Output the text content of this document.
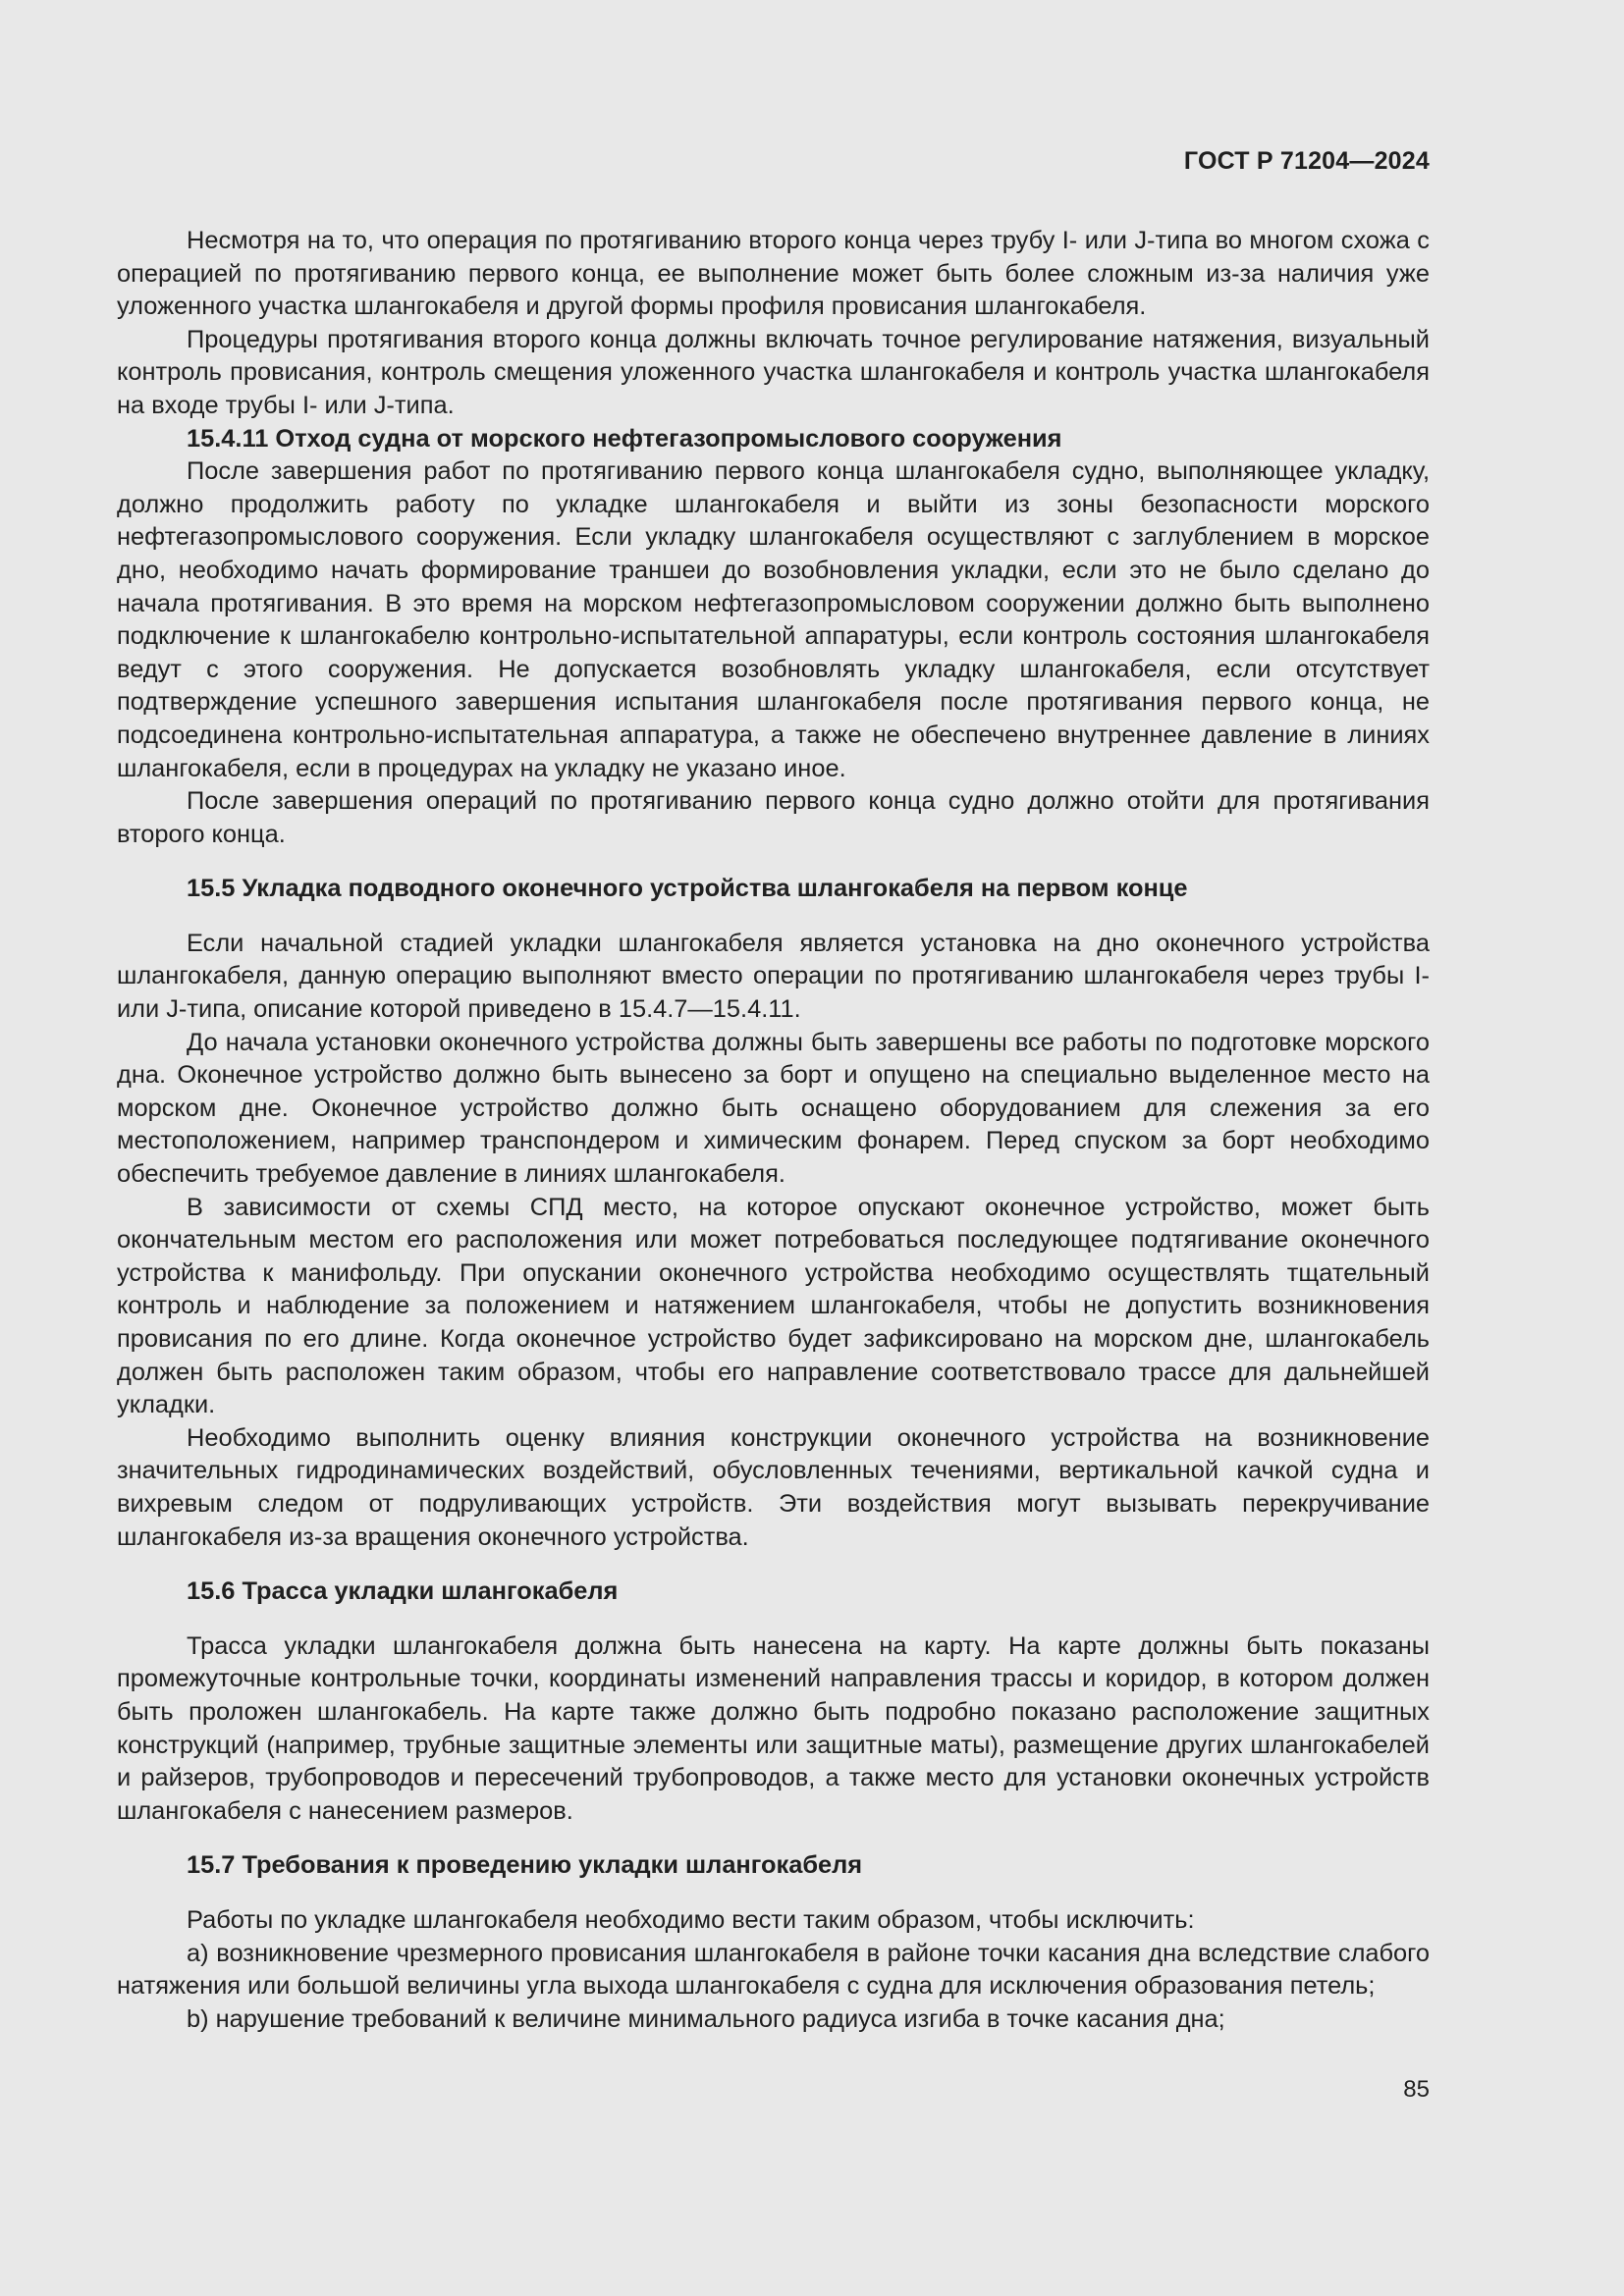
ГОСТ Р 71204—2024

Несмотря на то, что операция по протягиванию второго конца через трубу I- или J-типа во многом схожа с операцией по протягиванию первого конца, ее выполнение может быть более сложным из-за наличия уже уложенного участка шлангокабеля и другой формы профиля провисания шлангокабеля.

Процедуры протягивания второго конца должны включать точное регулирование натяжения, визуальный контроль провисания, контроль смещения уложенного участка шлангокабеля и контроль участка шлангокабеля на входе трубы I- или J-типа.

15.4.11 Отход судна от морского нефтегазопромыслового сооружения

После завершения работ по протягиванию первого конца шлангокабеля судно, выполняющее укладку, должно продолжить работу по укладке шлангокабеля и выйти из зоны безопасности морского нефтегазопромыслового сооружения. Если укладку шлангокабеля осуществляют с заглублением в морское дно, необходимо начать формирование траншеи до возобновления укладки, если это не было сделано до начала протягивания. В это время на морском нефтегазопромысловом сооружении должно быть выполнено подключение к шлангокабелю контрольно-испытательной аппаратуры, если контроль состояния шлангокабеля ведут с этого сооружения. Не допускается возобновлять укладку шлангокабеля, если отсутствует подтверждение успешного завершения испытания шлангокабеля после протягивания первого конца, не подсоединена контрольно-испытательная аппаратура, а также не обеспечено внутреннее давление в линиях шлангокабеля, если в процедурах на укладку не указано иное.

После завершения операций по протягиванию первого конца судно должно отойти для протягивания второго конца.

15.5 Укладка подводного оконечного устройства шлангокабеля на первом конце

Если начальной стадией укладки шлангокабеля является установка на дно оконечного устройства шлангокабеля, данную операцию выполняют вместо операции по протягиванию шлангокабеля через трубы I- или J-типа, описание которой приведено в 15.4.7—15.4.11.

До начала установки оконечного устройства должны быть завершены все работы по подготовке морского дна. Оконечное устройство должно быть вынесено за борт и опущено на специально выделенное место на морском дне. Оконечное устройство должно быть оснащено оборудованием для слежения за его местоположением, например транспондером и химическим фонарем. Перед спуском за борт необходимо обеспечить требуемое давление в линиях шлангокабеля.

В зависимости от схемы СПД место, на которое опускают оконечное устройство, может быть окончательным местом его расположения или может потребоваться последующее подтягивание оконечного устройства к манифольду. При опускании оконечного устройства необходимо осуществлять тщательный контроль и наблюдение за положением и натяжением шлангокабеля, чтобы не допустить возникновения провисания по его длине. Когда оконечное устройство будет зафиксировано на морском дне, шлангокабель должен быть расположен таким образом, чтобы его направление соответствовало трассе для дальнейшей укладки.

Необходимо выполнить оценку влияния конструкции оконечного устройства на возникновение значительных гидродинамических воздействий, обусловленных течениями, вертикальной качкой судна и вихревым следом от подруливающих устройств. Эти воздействия могут вызывать перекручивание шлангокабеля из-за вращения оконечного устройства.

15.6 Трасса укладки шлангокабеля

Трасса укладки шлангокабеля должна быть нанесена на карту. На карте должны быть показаны промежуточные контрольные точки, координаты изменений направления трассы и коридор, в котором должен быть проложен шлангокабель. На карте также должно быть подробно показано расположение защитных конструкций (например, трубные защитные элементы или защитные маты), размещение других шлангокабелей и райзеров, трубопроводов и пересечений трубопроводов, а также место для установки оконечных устройств шлангокабеля с нанесением размеров.

15.7 Требования к проведению укладки шлангокабеля

Работы по укладке шлангокабеля необходимо вести таким образом, чтобы исключить:

a) возникновение чрезмерного провисания шлангокабеля в районе точки касания дна вследствие слабого натяжения или большой величины угла выхода шлангокабеля с судна для исключения образования петель;

b) нарушение требований к величине минимального радиуса изгиба в точке касания дна;

85
